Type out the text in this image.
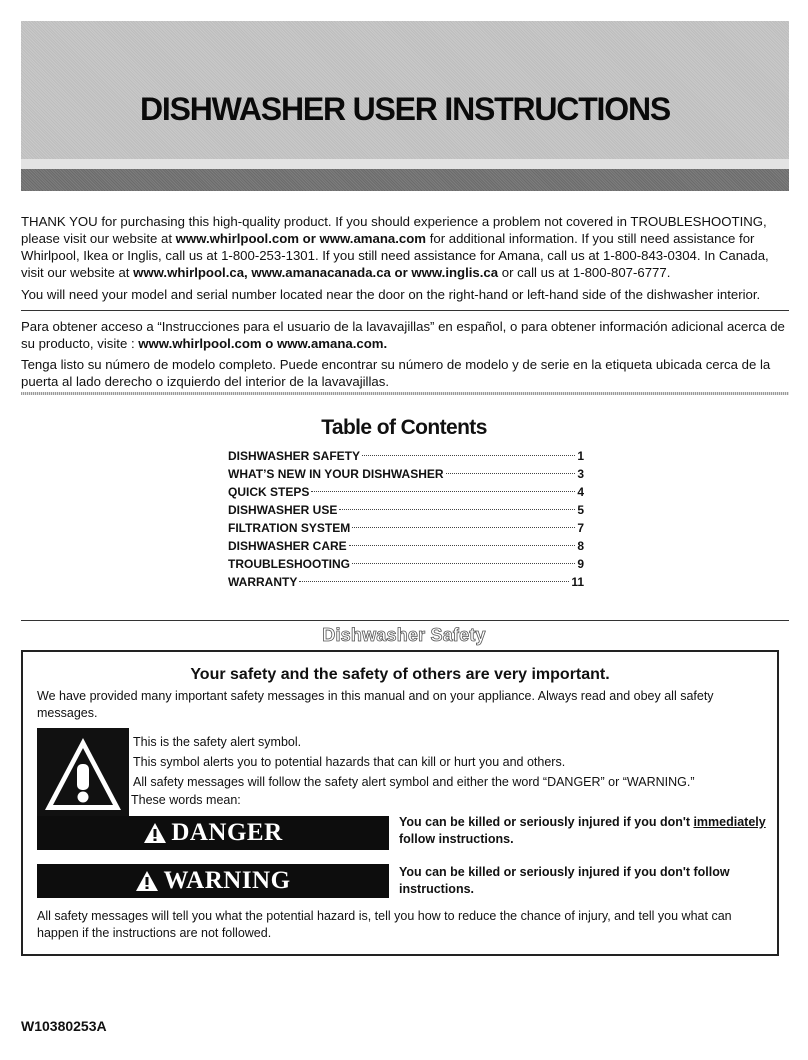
DISHWASHER USER INSTRUCTIONS

THANK YOU for purchasing this high-quality product. If you should experience a problem not covered in TROUBLESHOOTING, please visit our website at www.whirlpool.com or www.amana.com for additional information. If you still need assistance for Whirlpool, Ikea or Inglis, call us at 1-800-253-1301. If you still need assistance for Amana, call us at 1-800-843-0304. In Canada, visit our website at www.whirlpool.ca, www.amanacanada.ca or www.inglis.ca or call us at 1-800-807-6777.

You will need your model and serial number located near the door on the right-hand or left-hand side of the dishwasher interior.

Para obtener acceso a “Instrucciones para el usuario de la lavavajillas” en español, o para obtener información adicional acerca de su producto, visite : www.whirlpool.com o www.amana.com.

Tenga listo su número de modelo completo. Puede encontrar su número de modelo y de serie en la etiqueta ubicada cerca de la puerta al lado derecho o izquierdo del interior de la lavavajillas.

Table of Contents
DISHWASHER SAFETY	1
WHAT’S NEW IN YOUR DISHWASHER	3
QUICK STEPS	4
DISHWASHER USE	5
FILTRATION SYSTEM	7
DISHWASHER CARE	8
TROUBLESHOOTING	9
WARRANTY	11
Dishwasher Safety
Your safety and the safety of others are very important.
We have provided many important safety messages in this manual and on your appliance. Always read and obey all safety messages.
This is the safety alert symbol.
This symbol alerts you to potential hazards that can kill or hurt you and others.
All safety messages will follow the safety alert symbol and either the word “DANGER” or “WARNING.”
These words mean:
DANGER	You can be killed or seriously injured if you don't immediately follow instructions.
WARNING	You can be killed or seriously injured if you don't follow instructions.
All safety messages will tell you what the potential hazard is, tell you how to reduce the chance of injury, and tell you what can happen if the instructions are not followed.
W10380253A
